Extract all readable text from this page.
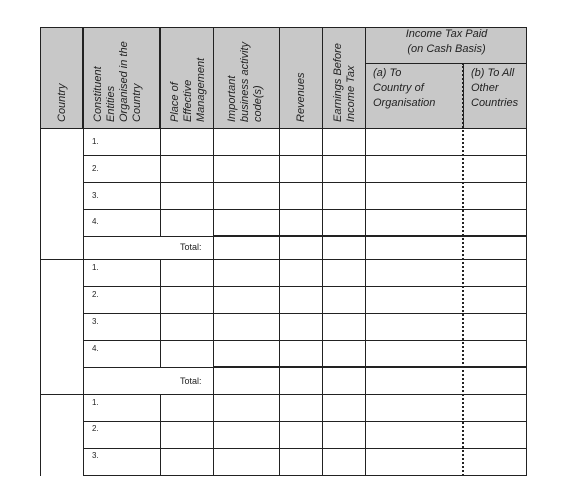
Country Constituent Entities Organised in the Country Place of Effective Management Important business activity code(s)	Revenues Earnings Before Income Tax
Income Tax Paid
(on Cash Basis)
(a) To
Country of
Organisation
(b) To All
Other
Countries
1.
2.
3.
4.
Total:
1.
2.
3.
4.
Total:
1.
2.
3.
